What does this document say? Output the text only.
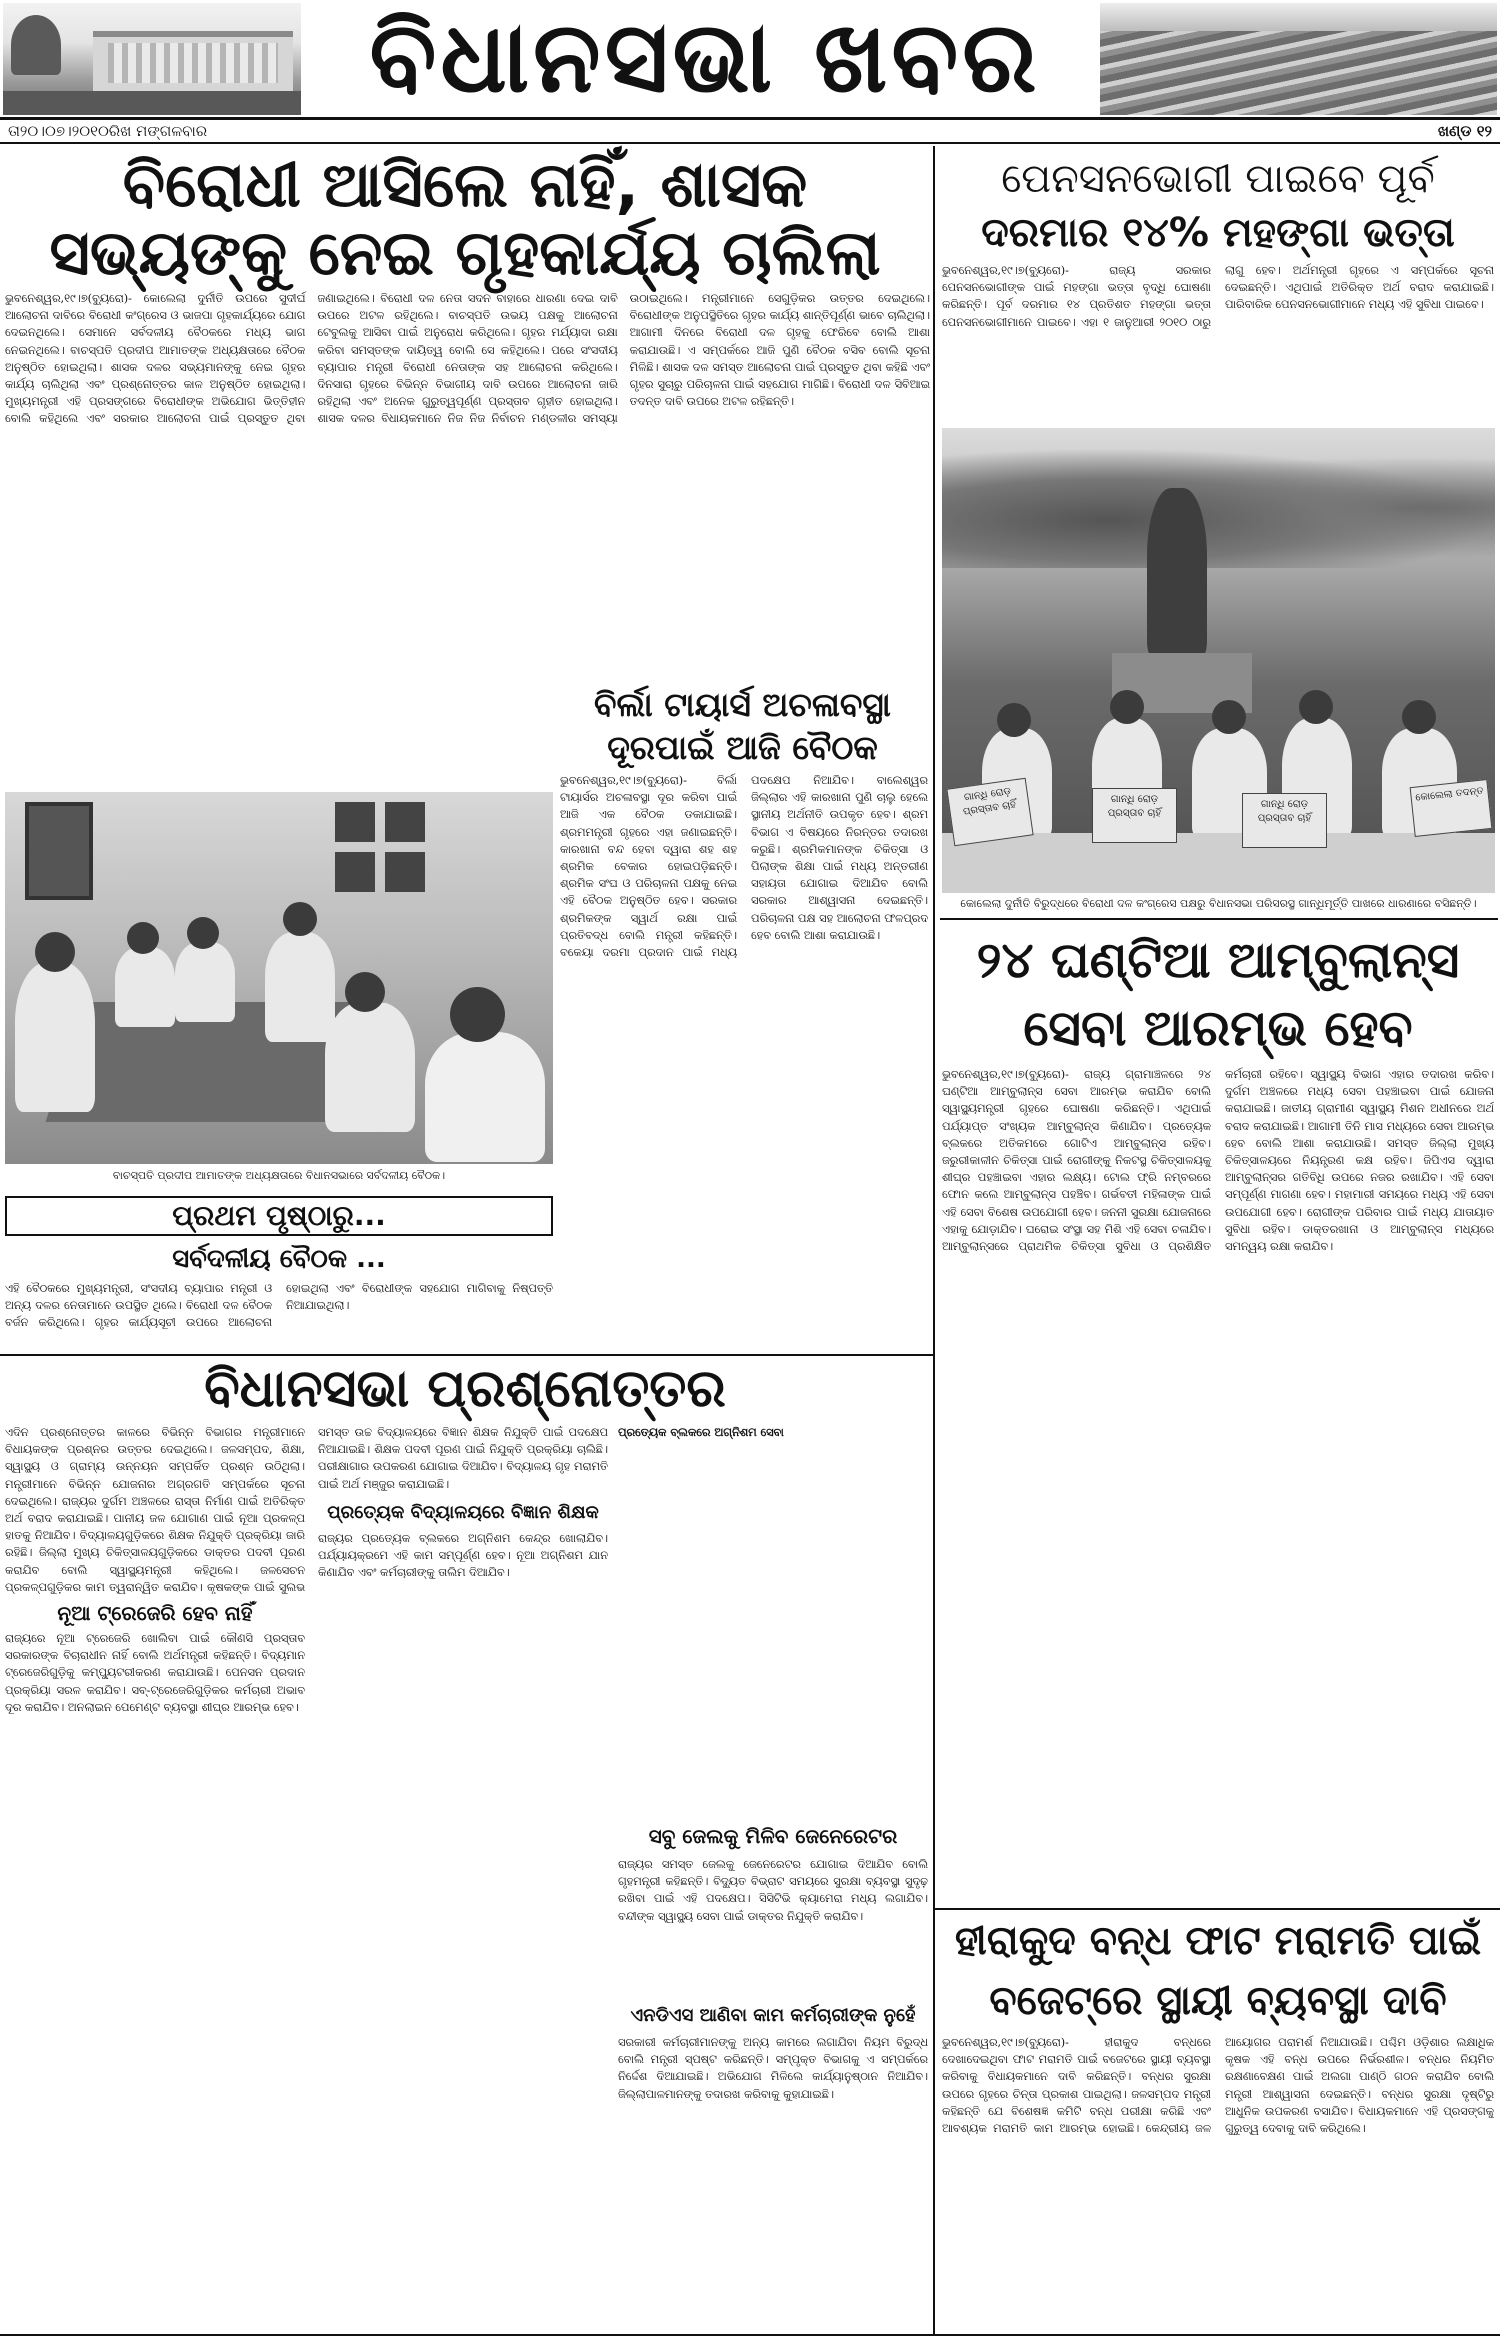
ବିଧାନସଭା ଖବର
ତା୨୦।୦୭।୨୦୧୦ରିଖ ମଙ୍ଗଳବାର	ଖଣ୍ଡ ୧୨
ବିରୋଧୀ ଆସିଲେ ନାହିଁ, ଶାସକ
ସଭ୍ୟଙ୍କୁ ନେଇ ଗୃହକାର୍ଯ୍ୟ ଚାଲିଲା
ଭୁବନେଶ୍ୱର,୧୯।୭(ବ୍ୟୁରୋ)- କୋଲେଲା ଦୁର୍ନୀତି ଉପରେ ସୁଦୀର୍ଘ ଆଲୋଚନା ଦାବିରେ ବିରୋଧୀ କଂଗ୍ରେସ ଓ ଭାଜପା ଗୃହକାର୍ଯ୍ୟରେ ଯୋଗ ଦେଇନଥିଲେ। ସେମାନେ ସର୍ବଦଳୀୟ ବୈଠକରେ ମଧ୍ୟ ଭାଗ ନେଇନଥିଲେ। ବାଚସ୍ପତି ପ୍ରଦୀପ ଆମାତଙ୍କ ଅଧ୍ୟକ୍ଷତାରେ ବୈଠକ ଅନୁଷ୍ଠିତ ହୋଇଥିଲା। ଶାସକ ଦଳର ସଭ୍ୟମାନଙ୍କୁ ନେଇ ଗୃହର କାର୍ଯ୍ୟ ଚାଲିଥିଲା ଏବଂ ପ୍ରଶ୍ନୋତ୍ତର କାଳ ଅନୁଷ୍ଠିତ ହୋଇଥିଲା। ମୁଖ୍ୟମନ୍ତ୍ରୀ ଏହି ପ୍ରସଙ୍ଗରେ ବିରୋଧୀଙ୍କ ଅଭିଯୋଗ ଭିତ୍ତିହୀନ ବୋଲି କହିଥିଲେ ଏବଂ ସରକାର ଆଲୋଚନା ପାଇଁ ପ୍ରସ୍ତୁତ ଥିବା ଜଣାଇଥିଲେ। ବିରୋଧୀ ଦଳ ନେତା ସଦନ ବାହାରେ ଧାରଣା ଦେଇ ଦାବି ଉପରେ ଅଟଳ ରହିଥିଲେ। ବାଚସ୍ପତି ଉଭୟ ପକ୍ଷକୁ ଆଲୋଚନା ଟେବୁଲକୁ ଆସିବା ପାଇଁ ଅନୁରୋଧ କରିଥିଲେ। ଗୃହର ମର୍ଯ୍ୟାଦା ରକ୍ଷା କରିବା ସମସ୍ତଙ୍କ ଦାୟିତ୍ୱ ବୋଲି ସେ କହିଥିଲେ। ପରେ ସଂସଦୀୟ ବ୍ୟାପାର ମନ୍ତ୍ରୀ ବିରୋଧୀ ନେତାଙ୍କ ସହ ଆଲୋଚନା କରିଥିଲେ। ଦିନସାରା ଗୃହରେ ବିଭିନ୍ନ ବିଭାଗୀୟ ଦାବି ଉପରେ ଆଲୋଚନା ଜାରି ରହିଥିଲା ଏବଂ ଅନେକ ଗୁରୁତ୍ୱପୂର୍ଣ୍ଣ ପ୍ରସ୍ତାବ ଗୃହୀତ ହୋଇଥିଲା। ଶାସକ ଦଳର ବିଧାୟକମାନେ ନିଜ ନିଜ ନିର୍ବାଚନ ମଣ୍ଡଳୀର ସମସ୍ୟା ଉଠାଇଥିଲେ। ମନ୍ତ୍ରୀମାନେ ସେଗୁଡ଼ିକର ଉତ୍ତର ଦେଇଥିଲେ। ବିରୋଧୀଙ୍କ ଅନୁପସ୍ଥିତିରେ ଗୃହର କାର୍ଯ୍ୟ ଶାନ୍ତିପୂର୍ଣ୍ଣ ଭାବେ ଚାଲିଥିଲା। ଆଗାମୀ ଦିନରେ ବିରୋଧୀ ଦଳ ଗୃହକୁ ଫେରିବେ ବୋଲି ଆଶା କରାଯାଉଛି। ଏ ସମ୍ପର୍କରେ ଆଜି ପୁଣି ବୈଠକ ବସିବ ବୋଲି ସୂଚନା ମିଳିଛି। ଶାସକ ଦଳ ସମସ୍ତ ଆଲୋଚନା ପାଇଁ ପ୍ରସ୍ତୁତ ଥିବା କହିଛି ଏବଂ ଗୃହର ସୁଚାରୁ ପରିଚାଳନା ପାଇଁ ସହଯୋଗ ମାଗିଛି। ବିରୋଧୀ ଦଳ ସିବିଆଇ ତଦନ୍ତ ଦାବି ଉପରେ ଅଟଳ ରହିଛନ୍ତି।
ପେନସନଭୋଗୀ ପାଇବେ ପୂର୍ବ
ଦରମାର ୧୪% ମହଙ୍ଗା ଭତ୍ତା
ଭୁବନେଶ୍ୱର,୧୯।୭(ବ୍ୟୁରୋ)- ରାଜ୍ୟ ସରକାର ପେନସନଭୋଗୀଙ୍କ ପାଇଁ ମହଙ୍ଗା ଭତ୍ତା ବୃଦ୍ଧି ଘୋଷଣା କରିଛନ୍ତି। ପୂର୍ବ ଦରମାର ୧୪ ପ୍ରତିଶତ ମହଙ୍ଗା ଭତ୍ତା ପେନସନଭୋଗୀମାନେ ପାଇବେ। ଏହା ୧ ଜାନୁଆରୀ ୨୦୧୦ ଠାରୁ ଲାଗୁ ହେବ। ଅର୍ଥମନ୍ତ୍ରୀ ଗୃହରେ ଏ ସମ୍ପର୍କରେ ସୂଚନା ଦେଇଛନ୍ତି। ଏଥିପାଇଁ ଅତିରିକ୍ତ ଅର୍ଥ ବରାଦ କରାଯାଇଛି। ପାରିବାରିକ ପେନସନଭୋଗୀମାନେ ମଧ୍ୟ ଏହି ସୁବିଧା ପାଇବେ।
ଗାନ୍ଧି ରୋଡ଼ ପ୍ରସ୍ତାବ ଚାହିଁ	ଗାନ୍ଧି ରୋଡ଼ ପ୍ରସ୍ତାବ ଚାହିଁ
ଗାନ୍ଧି ରୋଡ଼ ପ୍ରସ୍ତାବ ଚାହିଁ
କୋଲେଲା ତଦନ୍ତ
କୋଲେଲା ଦୁର୍ନୀତି ବିରୁଦ୍ଧରେ ବିରୋଧୀ ଦଳ କଂଗ୍ରେସ ପକ୍ଷରୁ ବିଧାନସଭା ପରିସରସ୍ଥ ଗାନ୍ଧିମୂର୍ତ୍ତି ପାଖରେ ଧାରଣାରେ ବସିଛନ୍ତି।
ବିର୍ଲା ଟାୟାର୍ସ ଅଚଳାବସ୍ଥା
ଦୂରପାଇଁ ଆଜି ବୈଠକ
ଭୁବନେଶ୍ୱର,୧୯।୭(ବ୍ୟୁରୋ)- ବିର୍ଲା ଟାୟାର୍ସର ଅଚଳାବସ୍ଥା ଦୂର କରିବା ପାଇଁ ଆଜି ଏକ ବୈଠକ ଡକାଯାଇଛି। ଶ୍ରମମନ୍ତ୍ରୀ ଗୃହରେ ଏହା ଜଣାଇଛନ୍ତି। କାରଖାନା ବନ୍ଦ ହେବା ଦ୍ୱାରା ଶହ ଶହ ଶ୍ରମିକ ବେକାର ହୋଇପଡ଼ିଛନ୍ତି। ଶ୍ରମିକ ସଂଘ ଓ ପରିଚାଳନା ପକ୍ଷକୁ ନେଇ ଏହି ବୈଠକ ଅନୁଷ୍ଠିତ ହେବ। ସରକାର ଶ୍ରମିକଙ୍କ ସ୍ୱାର୍ଥ ରକ୍ଷା ପାଇଁ ପ୍ରତିବଦ୍ଧ ବୋଲି ମନ୍ତ୍ରୀ କହିଛନ୍ତି। ବକେୟା ଦରମା ପ୍ରଦାନ ପାଇଁ ମଧ୍ୟ ପଦକ୍ଷେପ ନିଆଯିବ। ବାଲେଶ୍ୱର ଜିଲ୍ଲାର ଏହି କାରଖାନା ପୁଣି ଚାଲୁ ହେଲେ ସ୍ଥାନୀୟ ଅର୍ଥନୀତି ଉପକୃତ ହେବ। ଶ୍ରମ ବିଭାଗ ଏ ବିଷୟରେ ନିରନ୍ତର ତଦାରଖ କରୁଛି। ଶ୍ରମିକମାନଙ୍କ ଚିକିତ୍ସା ଓ ପିଲାଙ୍କ ଶିକ୍ଷା ପାଇଁ ମଧ୍ୟ ଅନ୍ତରୀଣ ସହାୟତା ଯୋଗାଇ ଦିଆଯିବ ବୋଲି ସରକାର ଆଶ୍ୱାସନା ଦେଇଛନ୍ତି। ପରିଚାଳନା ପକ୍ଷ ସହ ଆଲୋଚନା ଫଳପ୍ରଦ ହେବ ବୋଲି ଆଶା କରାଯାଉଛି।
ବାଚସ୍ପତି ପ୍ରଦୀପ ଆମାତଙ୍କ ଅଧ୍ୟକ୍ଷତାରେ ବିଧାନସଭାରେ ସର୍ବଦଳୀୟ ବୈଠକ।
ପ୍ରଥମ ପୃଷ୍ଠାରୁ...
ସର୍ବଦଳୀୟ ବୈଠକ ...
ଏହି ବୈଠକରେ ମୁଖ୍ୟମନ୍ତ୍ରୀ, ସଂସଦୀୟ ବ୍ୟାପାର ମନ୍ତ୍ରୀ ଓ ଅନ୍ୟ ଦଳର ନେତାମାନେ ଉପସ୍ଥିତ ଥିଲେ। ବିରୋଧୀ ଦଳ ବୈଠକ ବର୍ଜନ କରିଥିଲେ। ଗୃହର କାର୍ଯ୍ୟସୂଚୀ ଉପରେ ଆଲୋଚନା ହୋଇଥିଲା ଏବଂ ବିରୋଧୀଙ୍କ ସହଯୋଗ ମାଗିବାକୁ ନିଷ୍ପତ୍ତି ନିଆଯାଇଥିଲା।
ବିଧାନସଭା ପ୍ରଶ୍ନୋତ୍ତର
ଏଦିନ ପ୍ରଶ୍ନୋତ୍ତର କାଳରେ ବିଭିନ୍ନ ବିଭାଗର ମନ୍ତ୍ରୀମାନେ ବିଧାୟକଙ୍କ ପ୍ରଶ୍ନର ଉତ୍ତର ଦେଇଥିଲେ। ଜଳସମ୍ପଦ, ଶିକ୍ଷା, ସ୍ୱାସ୍ଥ୍ୟ ଓ ଗ୍ରାମ୍ୟ ଉନ୍ନୟନ ସମ୍ପର୍କିତ ପ୍ରଶ୍ନ ଉଠିଥିଲା। ମନ୍ତ୍ରୀମାନେ ବିଭିନ୍ନ ଯୋଜନାର ଅଗ୍ରଗତି ସମ୍ପର୍କରେ ସୂଚନା ଦେଇଥିଲେ। ରାଜ୍ୟର ଦୁର୍ଗମ ଅଞ୍ଚଳରେ ରାସ୍ତା ନିର୍ମାଣ ପାଇଁ ଅତିରିକ୍ତ ଅର୍ଥ ବରାଦ କରାଯାଇଛି। ପାନୀୟ ଜଳ ଯୋଗାଣ ପାଇଁ ନୂଆ ପ୍ରକଳ୍ପ ହାତକୁ ନିଆଯିବ। ବିଦ୍ୟାଳୟଗୁଡ଼ିକରେ ଶିକ୍ଷକ ନିଯୁକ୍ତି ପ୍ରକ୍ରିୟା ଜାରି ରହିଛି। ଜିଲ୍ଲା ମୁଖ୍ୟ ଚିକିତ୍ସାଳୟଗୁଡ଼ିକରେ ଡାକ୍ତର ପଦବୀ ପୂରଣ କରାଯିବ ବୋଲି ସ୍ୱାସ୍ଥ୍ୟମନ୍ତ୍ରୀ କହିଥିଲେ। ଜଳସେଚନ ପ୍ରକଳ୍ପଗୁଡ଼ିକର କାମ ତ୍ୱରାନ୍ୱିତ କରାଯିବ। କୃଷକଙ୍କ ପାଇଁ ସୁଲଭ
ନୂଆ ଟ୍ରେଜେରି ହେବ ନାହିଁ
ରାଜ୍ୟରେ ନୂଆ ଟ୍ରେଜେରି ଖୋଲିବା ପାଇଁ କୌଣସି ପ୍ରସ୍ତାବ ସରକାରଙ୍କ ବିଚାରାଧୀନ ନାହିଁ ବୋଲି ଅର୍ଥମନ୍ତ୍ରୀ କହିଛନ୍ତି। ବିଦ୍ୟମାନ ଟ୍ରେଜେରିଗୁଡ଼ିକୁ କମ୍ପ୍ୟୁଟରୀକରଣ କରାଯାଉଛି। ପେନସନ ପ୍ରଦାନ ପ୍ରକ୍ରିୟା ସରଳ କରାଯିବ। ସବ୍-ଟ୍ରେଜେରିଗୁଡ଼ିକର କର୍ମଚାରୀ ଅଭାବ ଦୂର କରାଯିବ। ଅନଲାଇନ ପେମେଣ୍ଟ ବ୍ୟବସ୍ଥା ଶୀଘ୍ର ଆରମ୍ଭ ହେବ।
ସମସ୍ତ ଉଚ୍ଚ ବିଦ୍ୟାଳୟରେ ବିଜ୍ଞାନ ଶିକ୍ଷକ ନିଯୁକ୍ତି ପାଇଁ ପଦକ୍ଷେପ ନିଆଯାଇଛି। ଶିକ୍ଷକ ପଦବୀ ପୂରଣ ପାଇଁ ନିଯୁକ୍ତି ପ୍ରକ୍ରିୟା ଚାଲିଛି। ପରୀକ୍ଷାଗାର ଉପକରଣ ଯୋଗାଇ ଦିଆଯିବ। ବିଦ୍ୟାଳୟ ଗୃହ ମରାମତି ପାଇଁ ଅର୍ଥ ମଞ୍ଜୁର କରାଯାଇଛି।
ପ୍ରତ୍ୟେକ ବିଦ୍ୟାଳୟରେ ବିଜ୍ଞାନ ଶିକ୍ଷକ
ରାଜ୍ୟର ପ୍ରତ୍ୟେକ ବ୍ଲକରେ ଅଗ୍ନିଶମ କେନ୍ଦ୍ର ଖୋଲାଯିବ। ପର୍ଯ୍ୟାୟକ୍ରମେ ଏହି କାମ ସମ୍ପୂର୍ଣ୍ଣ ହେବ। ନୂଆ ଅଗ୍ନିଶମ ଯାନ କିଣାଯିବ ଏବଂ କର୍ମଚାରୀଙ୍କୁ ତାଲିମ ଦିଆଯିବ।
ପ୍ରତ୍ୟେକ ବ୍ଲକରେ ଅଗ୍ନିଶମ ସେବା
ସବୁ ଜେଲକୁ ମିଳିବ ଜେନେରେଟର
ରାଜ୍ୟର ସମସ୍ତ ଜେଲକୁ ଜେନେରେଟର ଯୋଗାଇ ଦିଆଯିବ ବୋଲି ଗୃହମନ୍ତ୍ରୀ କହିଛନ୍ତି। ବିଦ୍ୟୁତ ବିଭ୍ରାଟ ସମୟରେ ସୁରକ୍ଷା ବ୍ୟବସ୍ଥା ସୁଦୃଢ଼ ରଖିବା ପାଇଁ ଏହି ପଦକ୍ଷେପ। ସିସିଟିଭି କ୍ୟାମେରା ମଧ୍ୟ ଲଗାଯିବ। ବନ୍ଦୀଙ୍କ ସ୍ୱାସ୍ଥ୍ୟ ସେବା ପାଇଁ ଡାକ୍ତର ନିଯୁକ୍ତି କରାଯିବ।
ଏନଡିଏସ ଆଣିବା କାମ କର୍ମଚାରୀଙ୍କ ନୁହେଁ
ସରକାରୀ କର୍ମଚାରୀମାନଙ୍କୁ ଅନ୍ୟ କାମରେ ଲଗାଯିବା ନିୟମ ବିରୁଦ୍ଧ ବୋଲି ମନ୍ତ୍ରୀ ସ୍ପଷ୍ଟ କରିଛନ୍ତି। ସମ୍ପୃକ୍ତ ବିଭାଗକୁ ଏ ସମ୍ପର୍କରେ ନିର୍ଦ୍ଦେଶ ଦିଆଯାଇଛି। ଅଭିଯୋଗ ମିଳିଲେ କାର୍ଯ୍ୟାନୁଷ୍ଠାନ ନିଆଯିବ। ଜିଲ୍ଲାପାଳମାନଙ୍କୁ ତଦାରଖ କରିବାକୁ କୁହାଯାଇଛି।
୨୪ ଘଣ୍ଟିଆ ଆମ୍ବୁଲାନ୍ସ
ସେବା ଆରମ୍ଭ ହେବ
ଭୁବନେଶ୍ୱର,୧୯।୭(ବ୍ୟୁରୋ)- ରାଜ୍ୟ ଗ୍ରାମାଞ୍ଚଳରେ ୨୪ ଘଣ୍ଟିଆ ଆମ୍ବୁଲାନ୍ସ ସେବା ଆରମ୍ଭ କରାଯିବ ବୋଲି ସ୍ୱାସ୍ଥ୍ୟମନ୍ତ୍ରୀ ଗୃହରେ ଘୋଷଣା କରିଛନ୍ତି। ଏଥିପାଇଁ ପର୍ଯ୍ୟାପ୍ତ ସଂଖ୍ୟକ ଆମ୍ବୁଲାନ୍ସ କିଣାଯିବ। ପ୍ରତ୍ୟେକ ବ୍ଲକରେ ଅତିକମରେ ଗୋଟିଏ ଆମ୍ବୁଲାନ୍ସ ରହିବ। ଜରୁରୀକାଳୀନ ଚିକିତ୍ସା ପାଇଁ ରୋଗୀଙ୍କୁ ନିକଟସ୍ଥ ଚିକିତ୍ସାଳୟକୁ ଶୀଘ୍ର ପହଞ୍ଚାଇବା ଏହାର ଲକ୍ଷ୍ୟ। ଟୋଲ ଫ୍ରି ନମ୍ବରରେ ଫୋନ କଲେ ଆମ୍ବୁଲାନ୍ସ ପହଞ୍ଚିବ। ଗର୍ଭବତୀ ମହିଳାଙ୍କ ପାଇଁ ଏହି ସେବା ବିଶେଷ ଉପଯୋଗୀ ହେବ। ଜନନୀ ସୁରକ୍ଷା ଯୋଜନାରେ ଏହାକୁ ଯୋଡ଼ାଯିବ। ଘରୋଇ ସଂସ୍ଥା ସହ ମିଶି ଏହି ସେବା ଚଳାଯିବ। ଆମ୍ବୁଲାନ୍ସରେ ପ୍ରାଥମିକ ଚିକିତ୍ସା ସୁବିଧା ଓ ପ୍ରଶିକ୍ଷିତ କର୍ମଚାରୀ ରହିବେ। ସ୍ୱାସ୍ଥ୍ୟ ବିଭାଗ ଏହାର ତଦାରଖ କରିବ। ଦୁର୍ଗମ ଅଞ୍ଚଳରେ ମଧ୍ୟ ସେବା ପହଞ୍ଚାଇବା ପାଇଁ ଯୋଜନା କରାଯାଇଛି। ଜାତୀୟ ଗ୍ରାମୀଣ ସ୍ୱାସ୍ଥ୍ୟ ମିଶନ ଅଧୀନରେ ଅର୍ଥ ବରାଦ କରାଯାଇଛି। ଆଗାମୀ ତିନି ମାସ ମଧ୍ୟରେ ସେବା ଆରମ୍ଭ ହେବ ବୋଲି ଆଶା କରାଯାଉଛି। ସମସ୍ତ ଜିଲ୍ଲା ମୁଖ୍ୟ ଚିକିତ୍ସାଳୟରେ ନିୟନ୍ତ୍ରଣ କକ୍ଷ ରହିବ। ଜିପିଏସ ଦ୍ୱାରା ଆମ୍ବୁଲାନ୍ସର ଗତିବିଧି ଉପରେ ନଜର ରଖାଯିବ। ଏହି ସେବା ସମ୍ପୂର୍ଣ୍ଣ ମାଗଣା ହେବ। ମହାମାରୀ ସମୟରେ ମଧ୍ୟ ଏହି ସେବା ଉପଯୋଗୀ ହେବ। ରୋଗୀଙ୍କ ପରିବାର ପାଇଁ ମଧ୍ୟ ଯାତାୟାତ ସୁବିଧା ରହିବ। ଡାକ୍ତରଖାନା ଓ ଆମ୍ବୁଲାନ୍ସ ମଧ୍ୟରେ ସମନ୍ୱୟ ରକ୍ଷା କରାଯିବ।
ହୀରାକୁଦ ବନ୍ଧ ଫାଟ ମରାମତି ପାଇଁ
ବଜେଟ୍‌ରେ ସ୍ଥାୟୀ ବ୍ୟବସ୍ଥା ଦାବି
ଭୁବନେଶ୍ୱର,୧୯।୭(ବ୍ୟୁରୋ)- ହୀରାକୁଦ ବନ୍ଧରେ ଦେଖାଦେଇଥିବା ଫାଟ ମରାମତି ପାଇଁ ବଜେଟରେ ସ୍ଥାୟୀ ବ୍ୟବସ୍ଥା କରିବାକୁ ବିଧାୟକମାନେ ଦାବି କରିଛନ୍ତି। ବନ୍ଧର ସୁରକ୍ଷା ଉପରେ ଗୃହରେ ଚିନ୍ତା ପ୍ରକାଶ ପାଇଥିଲା। ଜଳସମ୍ପଦ ମନ୍ତ୍ରୀ କହିଛନ୍ତି ଯେ ବିଶେଷଜ୍ଞ କମିଟି ବନ୍ଧ ପରୀକ୍ଷା କରିଛି ଏବଂ ଆବଶ୍ୟକ ମରାମତି କାମ ଆରମ୍ଭ ହୋଇଛି। କେନ୍ଦ୍ରୀୟ ଜଳ ଆୟୋଗର ପରାମର୍ଶ ନିଆଯାଉଛି। ପଶ୍ଚିମ ଓଡ଼ିଶାର ଲକ୍ଷାଧିକ କୃଷକ ଏହି ବନ୍ଧ ଉପରେ ନିର୍ଭରଶୀଳ। ବନ୍ଧର ନିୟମିତ ରକ୍ଷଣାବେକ୍ଷଣ ପାଇଁ ଅଲଗା ପାଣ୍ଠି ଗଠନ କରାଯିବ ବୋଲି ମନ୍ତ୍ରୀ ଆଶ୍ୱାସନା ଦେଇଛନ୍ତି। ବନ୍ଧର ସୁରକ୍ଷା ଦୃଷ୍ଟିରୁ ଆଧୁନିକ ଉପକରଣ ବସାଯିବ। ବିଧାୟକମାନେ ଏହି ପ୍ରସଙ୍ଗକୁ ଗୁରୁତ୍ୱ ଦେବାକୁ ଦାବି କରିଥିଲେ।
